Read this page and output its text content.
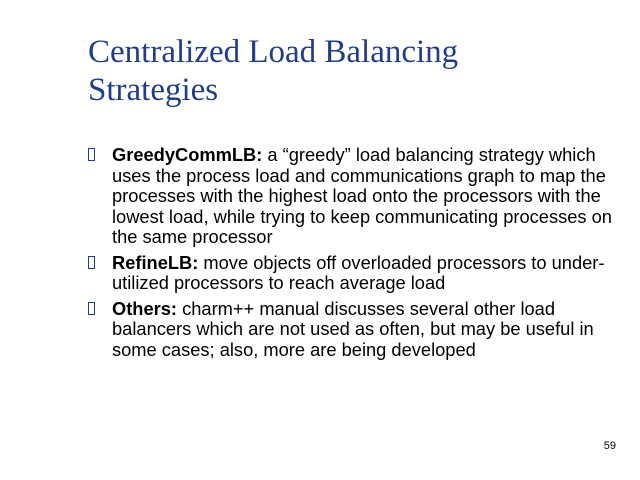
Centralized Load Balancing
Strategies
GreedyCommLB: a “greedy” load balancing strategy which uses the process load and communications graph to map the processes with the highest load onto the processors with the lowest load, while trying to keep communicating processes on the same processor
RefineLB: move objects off overloaded processors to under-utilized processors to reach average load
Others: charm++ manual discusses several other load balancers which are not used as often, but may be useful in some cases; also, more are being developed
59
